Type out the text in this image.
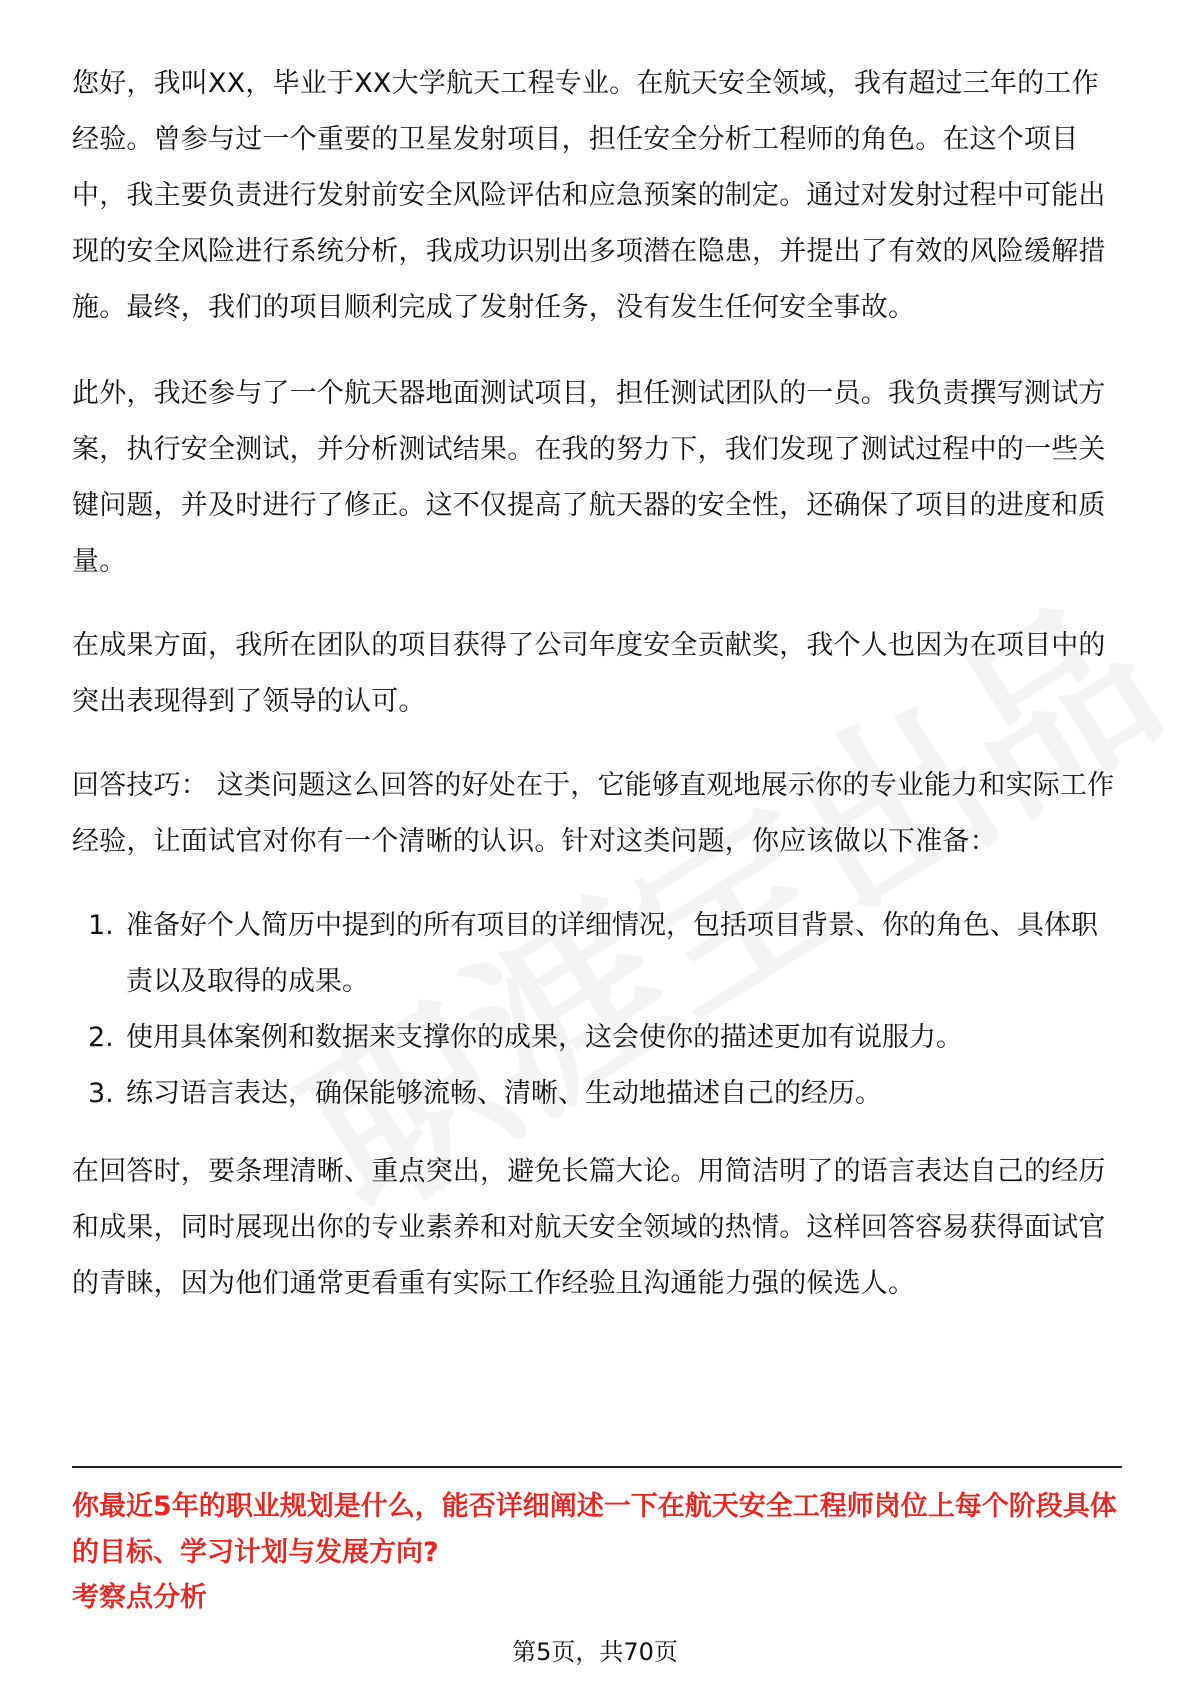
您好，我叫XX，毕业于XX大学航天工程专业。在航天安全领域，我有超过三年的工作经验。曾参与过一个重要的卫星发射项目，担任安全分析工程师的角色。在这个项目中，我主要负责进行发射前安全风险评估和应急预案的制定。通过对发射过程中可能出现的安全风险进行系统分析，我成功识别出多项潜在隐患，并提出了有效的风险缓解措施。最终，我们的项目顺利完成了发射任务，没有发生任何安全事故。

此外，我还参与了一个航天器地面测试项目，担任测试团队的一员。我负责撰写测试方案，执行安全测试，并分析测试结果。在我的努力下，我们发现了测试过程中的一些关键问题，并及时进行了修正。这不仅提高了航天器的安全性，还确保了项目的进度和质量。

在成果方面，我所在团队的项目获得了公司年度安全贡献奖，我个人也因为在项目中的突出表现得到了领导的认可。

回答技巧： 这类问题这么回答的好处在于，它能够直观地展示你的专业能力和实际工作经验，让面试官对你有一个清晰的认识。针对这类问题，你应该做以下准备：

1. 准备好个人简历中提到的所有项目的详细情况，包括项目背景、你的角色、具体职责以及取得的成果。
2. 使用具体案例和数据来支撑你的成果，这会使你的描述更加有说服力。
3. 练习语言表达，确保能够流畅、清晰、生动地描述自己的经历。

在回答时，要条理清晰、重点突出，避免长篇大论。用简洁明了的语言表达自己的经历和成果，同时展现出你的专业素养和对航天安全领域的热情。这样回答容易获得面试官的青睐，因为他们通常更看重有实际工作经验且沟通能力强的候选人。

你最近5年的职业规划是什么，能否详细阐述一下在航天安全工程师岗位上每个阶段具体的目标、学习计划与发展方向?
考察点分析
第5页，共70页
